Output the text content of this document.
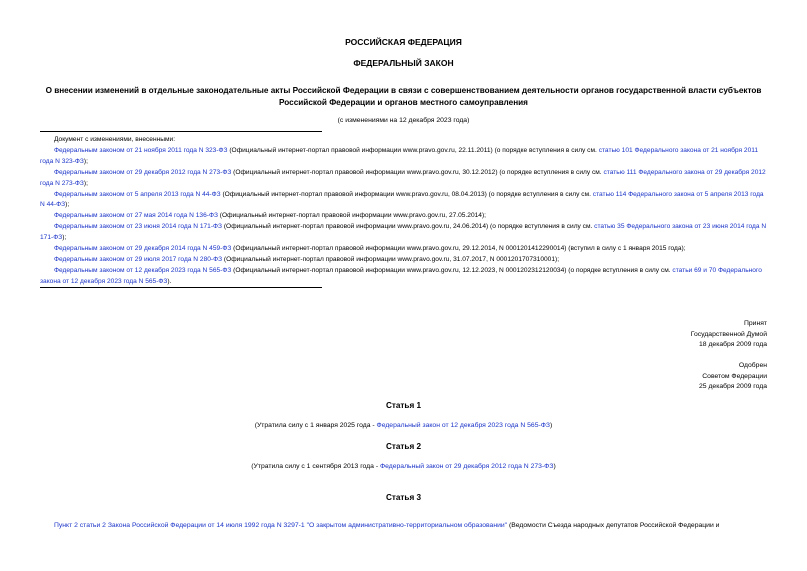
РОССИЙСКАЯ ФЕДЕРАЦИЯ
ФЕДЕРАЛЬНЫЙ ЗАКОН
О внесении изменений в отдельные законодательные акты Российской Федерации в связи с совершенствованием деятельности органов государственной власти субъектов Российской Федерации и органов местного самоуправления
(с изменениями на 12 декабря 2023 года)

Документ с изменениями, внесенными:

Федеральным законом от 21 ноября 2011 года N 323-ФЗ (Официальный интернет-портал правовой информации www.pravo.gov.ru, 22.11.2011) (о порядке вступления в силу см. статью 101 Федерального закона от 21 ноября 2011 года N 323-ФЗ);

Федеральным законом от 29 декабря 2012 года N 273-ФЗ (Официальный интернет-портал правовой информации www.pravo.gov.ru, 30.12.2012) (о порядке вступления в силу см. статью 111 Федерального закона от 29 декабря 2012 года N 273-ФЗ);

Федеральным законом от 5 апреля 2013 года N 44-ФЗ (Официальный интернет-портал правовой информации www.pravo.gov.ru, 08.04.2013) (о порядке вступления в силу см. статью 114 Федерального закона от 5 апреля 2013 года N 44-ФЗ);

Федеральным законом от 27 мая 2014 года N 136-ФЗ (Официальный интернет-портал правовой информации www.pravo.gov.ru, 27.05.2014);

Федеральным законом от 23 июня 2014 года N 171-ФЗ (Официальный интернет-портал правовой информации www.pravo.gov.ru, 24.06.2014) (о порядке вступления в силу см. статью 35 Федерального закона от 23 июня 2014 года N 171-ФЗ);

Федеральным законом от 29 декабря 2014 года N 459-ФЗ (Официальный интернет-портал правовой информации www.pravo.gov.ru, 29.12.2014, N 0001201412290014) (вступил в силу с 1 января 2015 года);

Федеральным законом от 29 июля 2017 года N 280-ФЗ (Официальный интернет-портал правовой информации www.pravo.gov.ru, 31.07.2017, N 0001201707310001);

Федеральным законом от 12 декабря 2023 года N 565-ФЗ (Официальный интернет-портал правовой информации www.pravo.gov.ru, 12.12.2023, N 0001202312120034) (о порядке вступления в силу см. статьи 69 и 70 Федерального закона от 12 декабря 2023 года N 565-ФЗ).

Принят
Государственной Думой
18 декабря 2009 года
Одобрен
Советом Федерации
25 декабря 2009 года
Статья 1
(Утратила силу с 1 января 2025 года - Федеральный закон от 12 декабря 2023 года N 565-ФЗ)
Статья 2
(Утратила силу с 1 сентября 2013 года - Федеральный закон от 29 декабря 2012 года N 273-ФЗ)
Статья 3
Пункт 2 статьи 2 Закона Российской Федерации от 14 июля 1992 года N 3297-1 "О закрытом административно-территориальном образовании" (Ведомости Съезда народных депутатов Российской Федерации и
